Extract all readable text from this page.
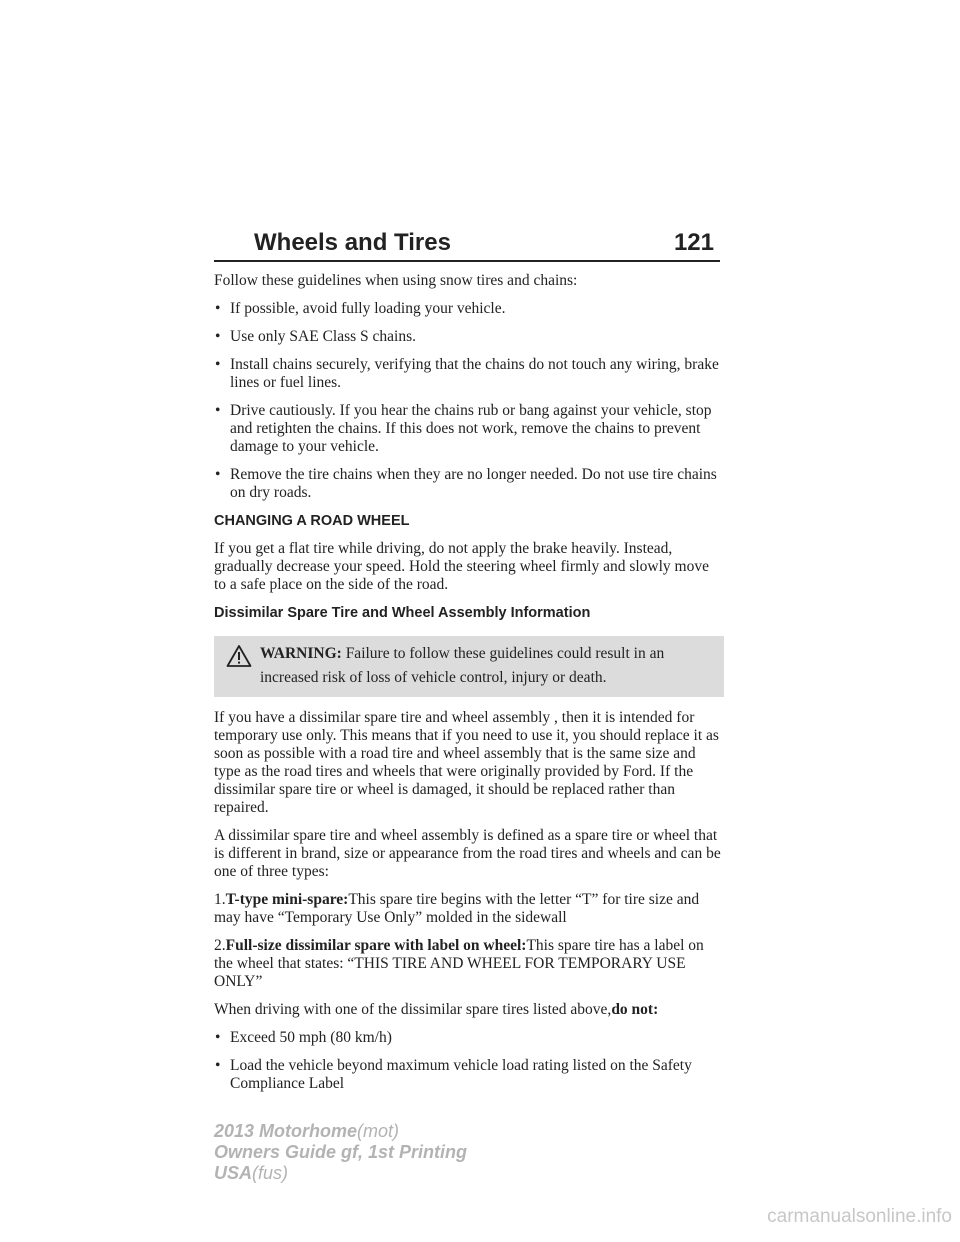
Wheels and Tires	121

Follow these guidelines when using snow tires and chains:

• If possible, avoid fully loading your vehicle.
• Use only SAE Class S chains.
• Install chains securely, verifying that the chains do not touch any wiring, brake lines or fuel lines.
• Drive cautiously. If you hear the chains rub or bang against your vehicle, stop and retighten the chains. If this does not work, remove the chains to prevent damage to your vehicle.
• Remove the tire chains when they are no longer needed. Do not use tire chains on dry roads.
CHANGING A ROAD WHEEL

If you get a flat tire while driving, do not apply the brake heavily. Instead, gradually decrease your speed. Hold the steering wheel firmly and slowly move to a safe place on the side of the road.

Dissimilar Spare Tire and Wheel Assembly Information
WARNING: Failure to follow these guidelines could result in an increased risk of loss of vehicle control, injury or death.

If you have a dissimilar spare tire and wheel assembly , then it is intended for temporary use only. This means that if you need to use it, you should replace it as soon as possible with a road tire and wheel assembly that is the same size and type as the road tires and wheels that were originally provided by Ford. If the dissimilar spare tire or wheel is damaged, it should be replaced rather than repaired.

A dissimilar spare tire and wheel assembly is defined as a spare tire or wheel that is different in brand, size or appearance from the road tires and wheels and can be one of three types:

1.T-type mini-spare:This spare tire begins with the letter “T” for tire size and may have “Temporary Use Only” molded in the sidewall

2.Full-size dissimilar spare with label on wheel:This spare tire has a label on the wheel that states: “THIS TIRE AND WHEEL FOR TEMPORARY USE ONLY”

When driving with one of the dissimilar spare tires listed above,do not:

• Exceed 50 mph (80 km/h)
• Load the vehicle beyond maximum vehicle load rating listed on the Safety Compliance Label
2013 Motorhome(mot)
Owners Guide gf, 1st Printing
USA(fus)
carmanualsonline.info
